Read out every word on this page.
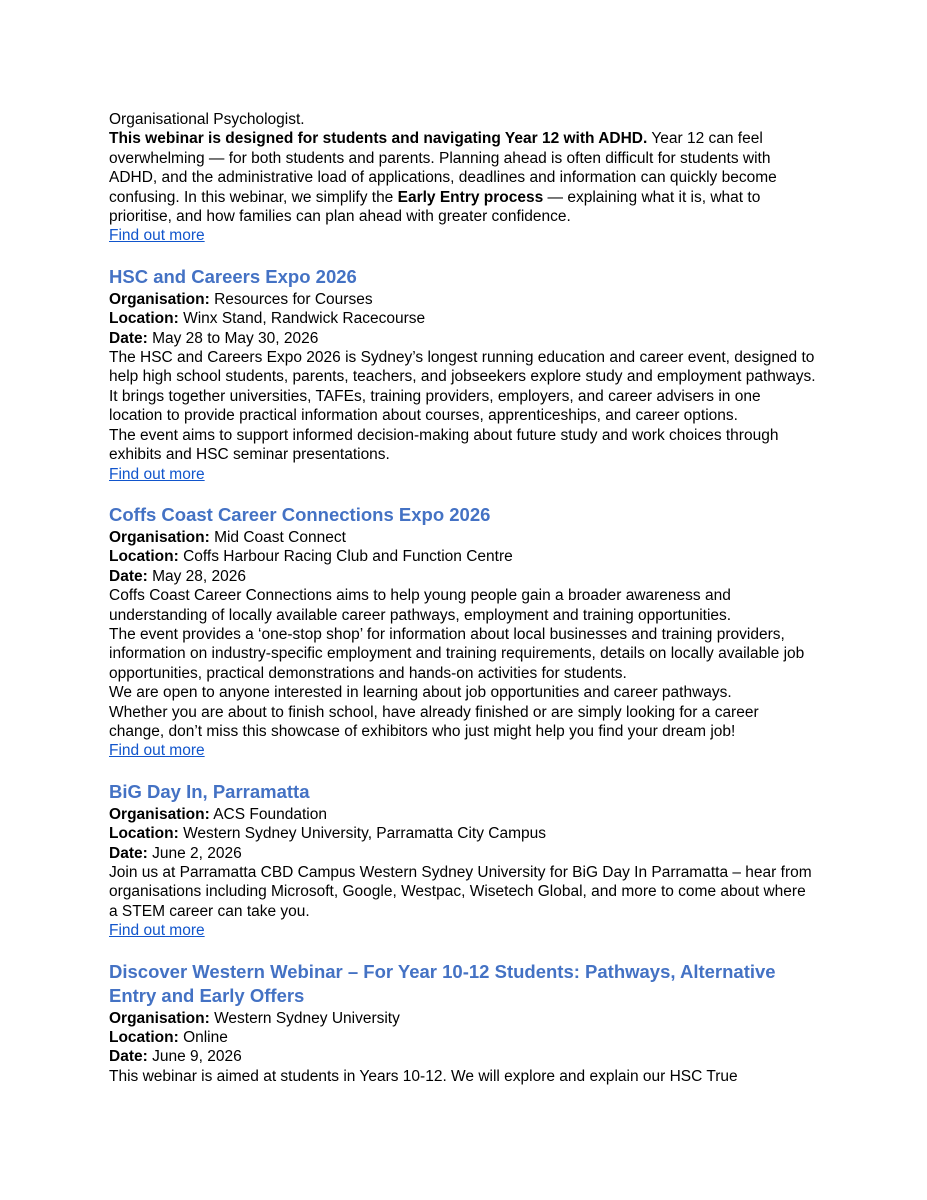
Organisational Psychologist.

This webinar is designed for students and navigating Year 12 with ADHD. Year 12 can feel overwhelming — for both students and parents. Planning ahead is often difficult for students with ADHD, and the administrative load of applications, deadlines and information can quickly become confusing. In this webinar, we simplify the Early Entry process — explaining what it is, what to prioritise, and how families can plan ahead with greater confidence.

Find out more
HSC and Careers Expo 2026
Organisation: Resources for Courses
Location: Winx Stand, Randwick Racecourse
Date: May 28 to May 30, 2026

The HSC and Careers Expo 2026 is Sydney’s longest running education and career event, designed to help high school students, parents, teachers, and jobseekers explore study and employment pathways. It brings together universities, TAFEs, training providers, employers, and career advisers in one location to provide practical information about courses, apprenticeships, and career options.

The event aims to support informed decision-making about future study and work choices through exhibits and HSC seminar presentations.

Find out more
Coffs Coast Career Connections Expo 2026
Organisation: Mid Coast Connect
Location: Coffs Harbour Racing Club and Function Centre
Date: May 28, 2026

Coffs Coast Career Connections aims to help young people gain a broader awareness and understanding of locally available career pathways, employment and training opportunities.

The event provides a ‘one-stop shop’ for information about local businesses and training providers, information on industry-specific employment and training requirements, details on locally available job opportunities, practical demonstrations and hands-on activities for students.

We are open to anyone interested in learning about job opportunities and career pathways.

Whether you are about to finish school, have already finished or are simply looking for a career change, don’t miss this showcase of exhibitors who just might help you find your dream job!

Find out more
BiG Day In, Parramatta
Organisation: ACS Foundation
Location: Western Sydney University, Parramatta City Campus
Date: June 2, 2026

Join us at Parramatta CBD Campus Western Sydney University for BiG Day In Parramatta – hear from organisations including Microsoft, Google, Westpac, Wisetech Global, and more to come about where a STEM career can take you.

Find out more
Discover Western Webinar – For Year 10-12 Students: Pathways, Alternative Entry and Early Offers
Organisation: Western Sydney University
Location: Online
Date: June 9, 2026

This webinar is aimed at students in Years 10-12. We will explore and explain our HSC True
